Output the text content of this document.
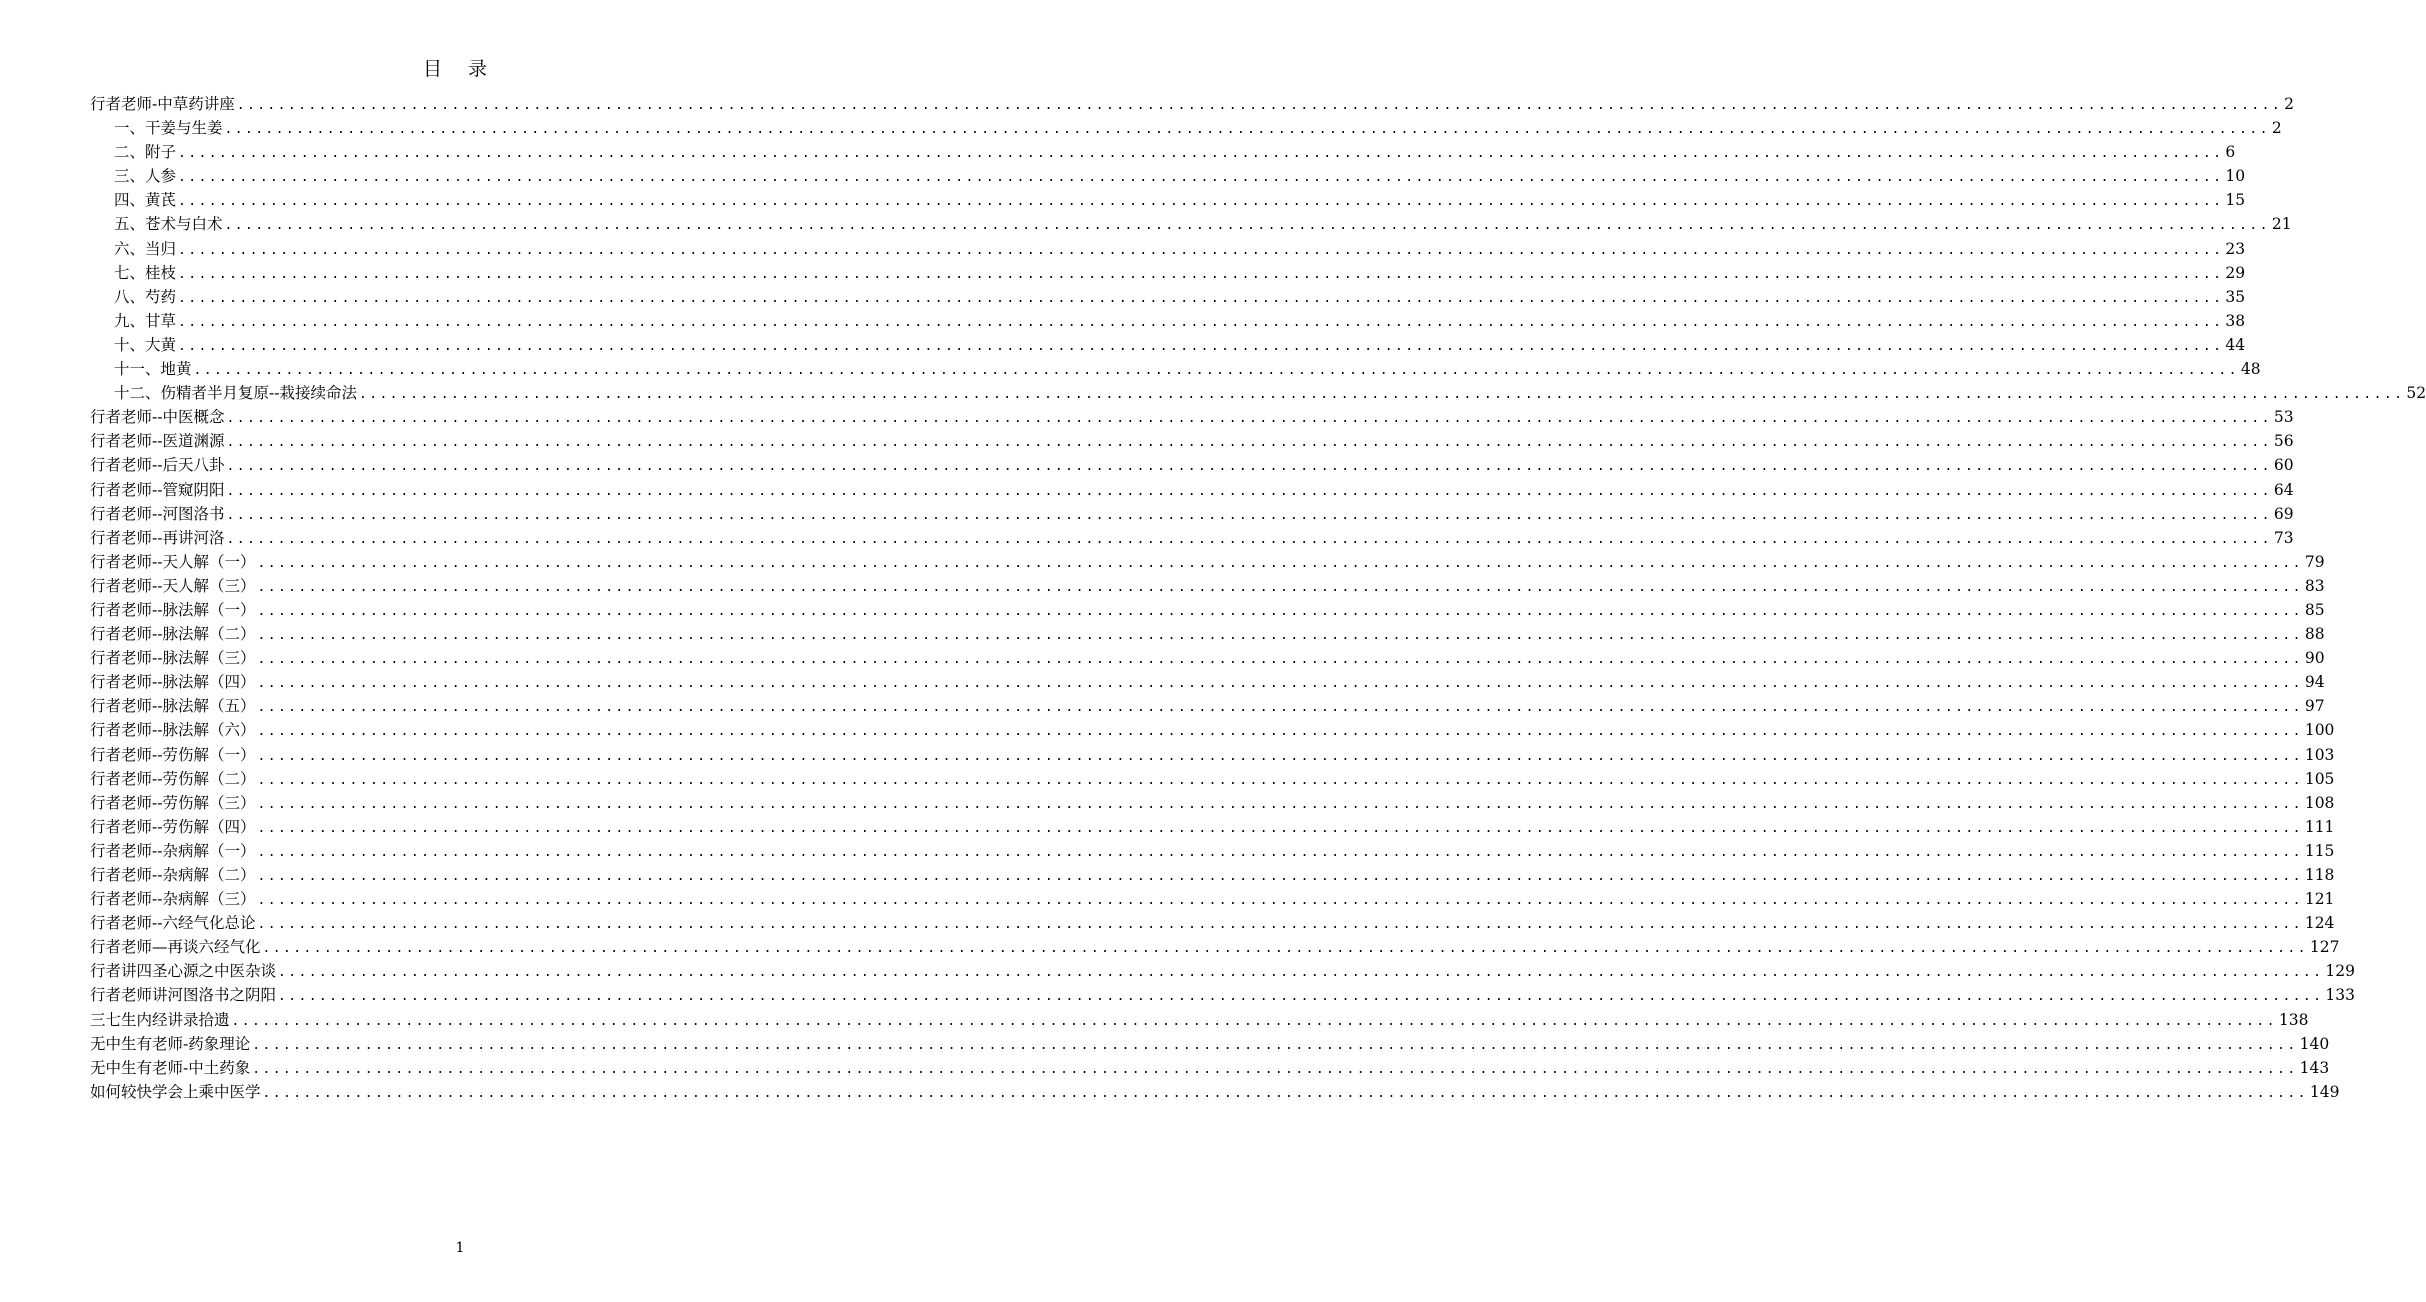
目 录
行者老师-中草药讲座 ........................................................................................................................................................................................................ 2
一、干姜与生姜 ........................................................................................................................................................................................................ 2
二、附子 ........................................................................................................................................................................................................ 6
三、人参 ........................................................................................................................................................................................................ 10
四、黄芪 ........................................................................................................................................................................................................ 15
五、苍术与白术 ........................................................................................................................................................................................................ 21
六、当归 ........................................................................................................................................................................................................ 23
七、桂枝 ........................................................................................................................................................................................................ 29
八、芍药 ........................................................................................................................................................................................................ 35
九、甘草 ........................................................................................................................................................................................................ 38
十、大黄 ........................................................................................................................................................................................................ 44
十一、地黄 ........................................................................................................................................................................................................ 48
十二、伤精者半月复原--栽接续命法 ........................................................................................................................................................................................................ 52
行者老师--中医概念 ........................................................................................................................................................................................................ 53
行者老师--医道渊源 ........................................................................................................................................................................................................ 56
行者老师--后天八卦 ........................................................................................................................................................................................................ 60
行者老师--管窥阴阳 ........................................................................................................................................................................................................ 64
行者老师--河图洛书 ........................................................................................................................................................................................................ 69
行者老师--再讲河洛 ........................................................................................................................................................................................................ 73
行者老师--天人解（一） ........................................................................................................................................................................................................ 79
行者老师--天人解（三） ........................................................................................................................................................................................................ 83
行者老师--脉法解（一） ........................................................................................................................................................................................................ 85
行者老师--脉法解（二） ........................................................................................................................................................................................................ 88
行者老师--脉法解（三） ........................................................................................................................................................................................................ 90
行者老师--脉法解（四） ........................................................................................................................................................................................................ 94
行者老师--脉法解（五） ........................................................................................................................................................................................................ 97
行者老师--脉法解（六） ........................................................................................................................................................................................................ 100
行者老师--劳伤解（一） ........................................................................................................................................................................................................ 103
行者老师--劳伤解（二） ........................................................................................................................................................................................................ 105
行者老师--劳伤解（三） ........................................................................................................................................................................................................ 108
行者老师--劳伤解（四） ........................................................................................................................................................................................................ 111
行者老师--杂病解（一） ........................................................................................................................................................................................................ 115
行者老师--杂病解（二） ........................................................................................................................................................................................................ 118
行者老师--杂病解（三） ........................................................................................................................................................................................................ 121
行者老师--六经气化总论 ........................................................................................................................................................................................................ 124
行者老师—再谈六经气化 ........................................................................................................................................................................................................ 127
行者讲四圣心源之中医杂谈 ........................................................................................................................................................................................................ 129
行者老师讲河图洛书之阴阳 ........................................................................................................................................................................................................ 133
三七生内经讲录拾遗 ........................................................................................................................................................................................................ 138
无中生有老师-药象理论 ........................................................................................................................................................................................................ 140
无中生有老师-中土药象 ........................................................................................................................................................................................................ 143
如何较快学会上乘中医学 ........................................................................................................................................................................................................ 149
1
